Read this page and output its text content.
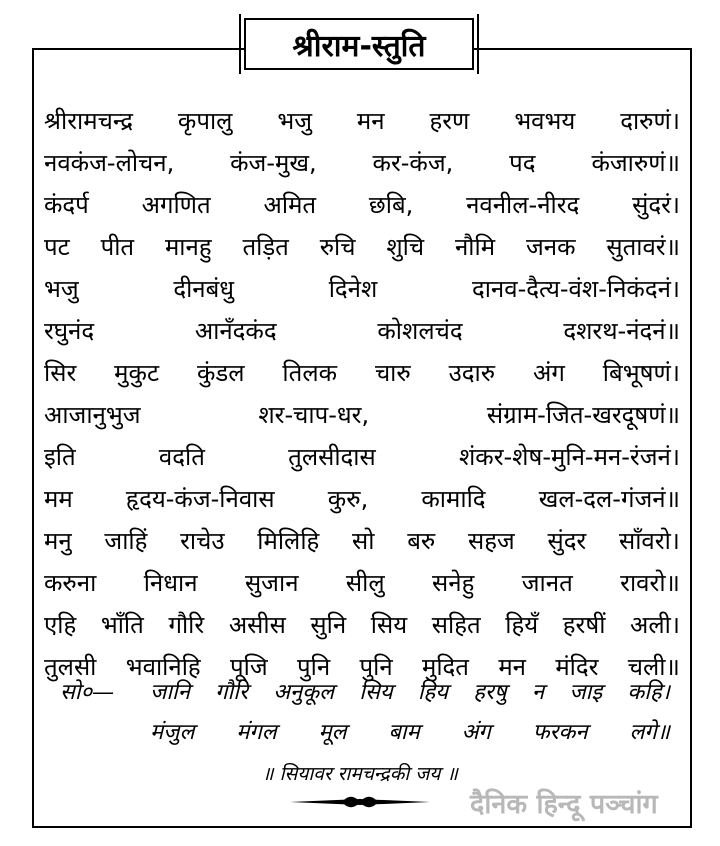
श्रीराम-स्तुति
श्रीरामचन्द्र कृपालु भजु मन हरण भवभय दारुणं।
नवकंज-लोचन, कंज-मुख, कर-कंज, पद कंजारुणं॥
कंदर्प अगणित अमित छबि, नवनील-नीरद सुंदरं।
पट पीत मानहु तड़ित रुचि शुचि नौमि जनक सुतावरं॥
भजु	दीनबंधु	दिनेश	दानव-दैत्य-वंश-निकंदनं।
रघुनंद	आनँदकंद	कोशलचंद	दशरथ-नंदनं॥
सिर मुकुट कुंडल तिलक चारु उदारु अंग बिभूषणं।
आजानुभुज	शर-चाप-धर,	संग्राम-जित-खरदूषणं॥
इति	वदति	तुलसीदास	शंकर-शेष-मुनि-मन-रंजनं।
मम हृदय-कंज-निवास कुरु, कामादि खल-दल-गंजनं॥
मनु जाहिं राचेउ मिलिहि सो बरु सहज सुंदर साँवरो।
करुना निधान सुजान सीलु सनेहु जानत रावरो॥
एहि भाँति गौरि असीस सुनि सिय सहित हियँ हरषीं अली।
तुलसी भवानिहि पूजि पुनि पुनि मुदित मन मंदिर चली॥
सो०—	जानि गौरि अनुकूल सिय हिय हरषु न जाइ कहि।
मंजुल मंगल मूल बाम अंग फरकन लगे॥
॥ सियावर रामचन्द्रकी जय ॥
दैनिक हिन्दू पञ्चांग
